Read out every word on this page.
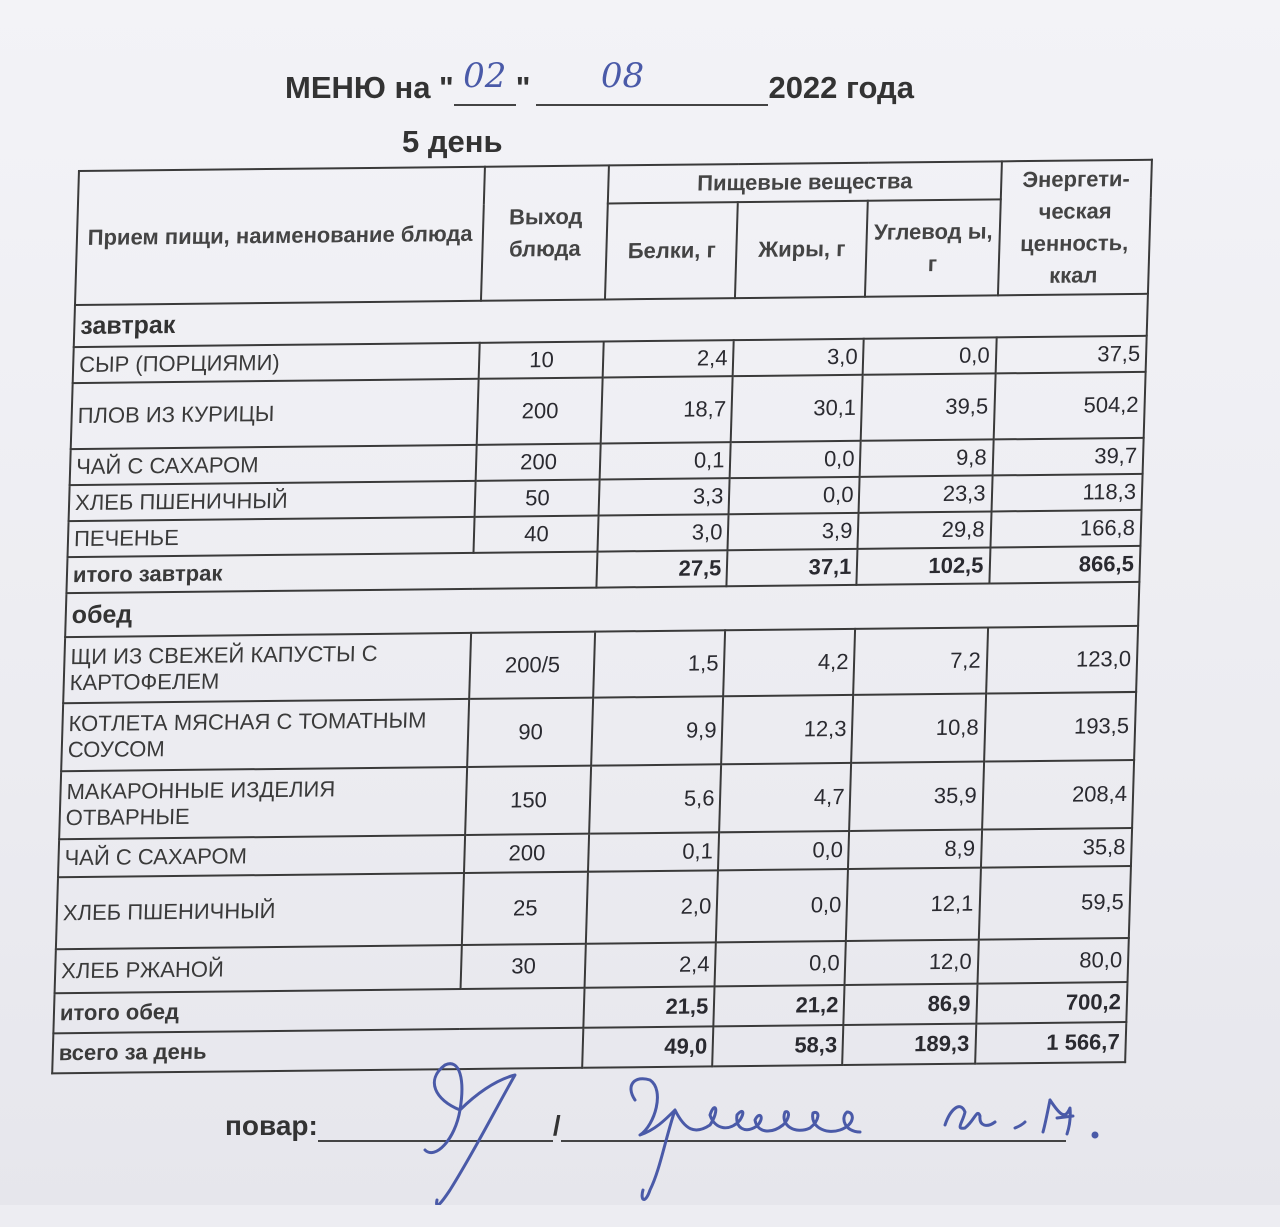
МЕНЮ на " 02 "	08	2022 года
5 день
Прием пищи, наименование блюда	Выход блюда	Пищевые вещества			Энергети- ческая ценность, ккал
		Белки, г	Жиры, г	Углевод ы, г	
завтрак					
СЫР (ПОРЦИЯМИ)	10	2,4	3,0	0,0	37,5
ПЛОВ ИЗ КУРИЦЫ	200	18,7	30,1	39,5	504,2
ЧАЙ С САХАРОМ	200	0,1	0,0	9,8	39,7
ХЛЕБ ПШЕНИЧНЫЙ	50	3,3	0,0	23,3	118,3
ПЕЧЕНЬЕ	40	3,0	3,9	29,8	166,8
итого завтрак		27,5	37,1	102,5	866,5
обед					
ЩИ ИЗ СВЕЖЕЙ КАПУСТЫ С КАРТОФЕЛЕМ	200/5	1,5	4,2	7,2	123,0
КОТЛЕТА МЯСНАЯ С ТОМАТНЫМ СОУСОМ	90	9,9	12,3	10,8	193,5
МАКАРОННЫЕ ИЗДЕЛИЯ ОТВАРНЫЕ	150	5,6	4,7	35,9	208,4
ЧАЙ С САХАРОМ	200	0,1	0,0	8,9	35,8
ХЛЕБ ПШЕНИЧНЫЙ	25	2,0	0,0	12,1	59,5
ХЛЕБ РЖАНОЙ	30	2,4	0,0	12,0	80,0
итого обед		21,5	21,2	86,9	700,2
всего за день		49,0	58,3	189,3	1 566,7
повар:	/
